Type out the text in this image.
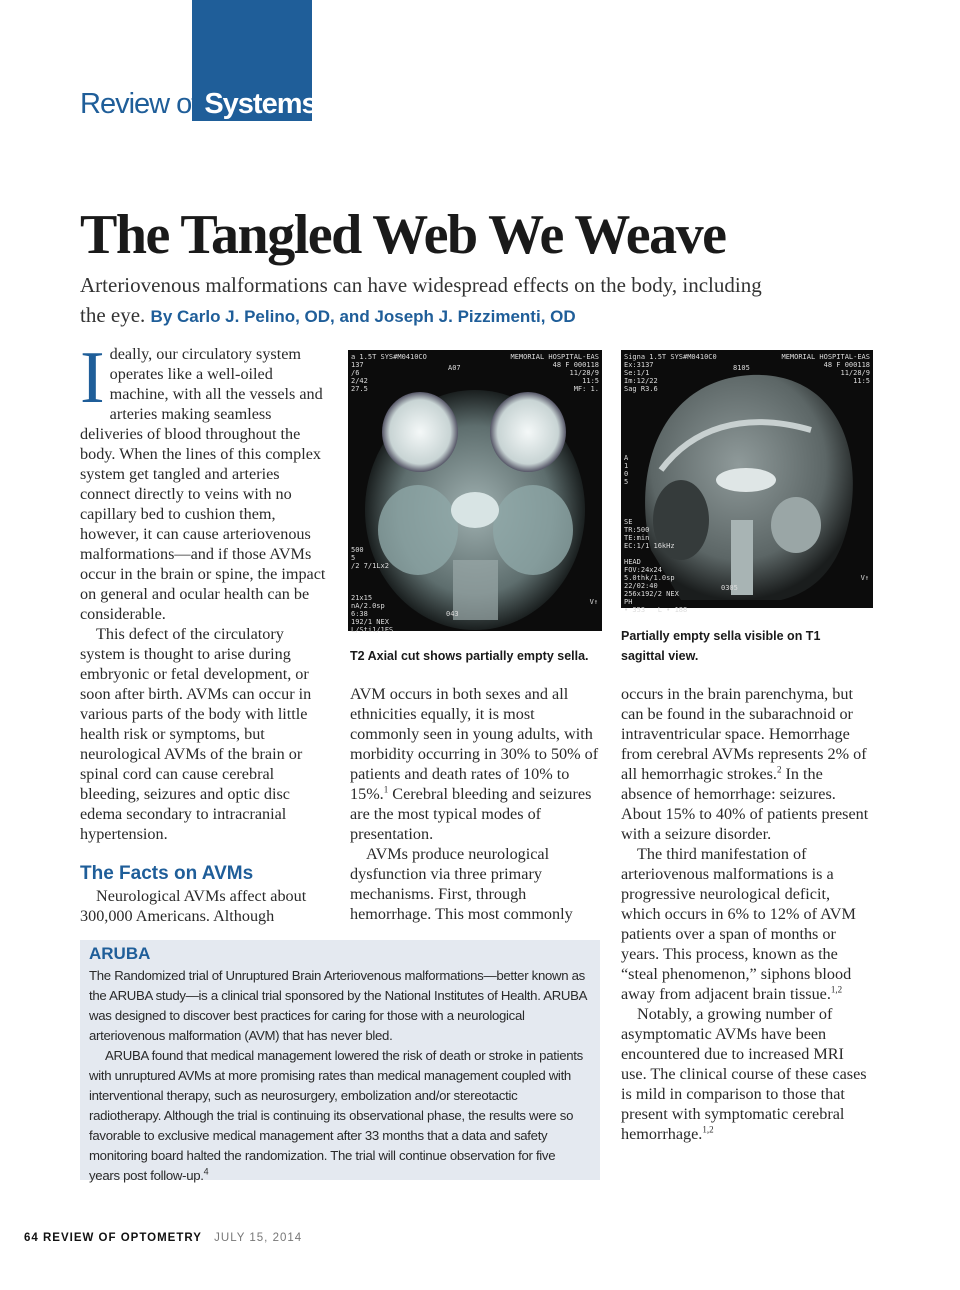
Review of Systems
The Tangled Web We Weave
Arteriovenous malformations can have widespread effects on the body, including the eye. By Carlo J. Pelino, OD, and Joseph J. Pizzimenti, OD

Ideally, our circulatory system operates like a well-oiled machine, with all the vessels and arteries making seamless deliveries of blood throughout the body. When the lines of this complex system get tangled and arteries connect directly to veins with no capillary bed to cushion them, however, it can cause arteriovenous malformations—and if those AVMs occur in the brain or spine, the impact on general and ocular health can be considerable.

This defect of the circulatory system is thought to arise during embryonic or fetal development, or soon after birth. AVMs can occur in various parts of the body with little health risk or symptoms, but neurological AVMs of the brain or spinal cord can cause cerebral bleeding, seizures and optic disc edema secondary to intracranial hypertension.

The Facts on AVMs

Neurological AVMs affect about 300,000 Americans. Although

a 1.5T SYS#M0410CO
137
/6
2/42
27.5
MEMORIAL HOSPITAL-EAS
48 F 000118
11/28/9
11:5
MF: 1.
A07
500
5
/2 7/1Lx2

21x15
nA/2.0sp
6:38
192/1 NEX
L/Sti1/1FS
V↑
043
T2 Axial cut shows partially empty sella.
Signa 1.5T SYS#M0410C0
Ex:3137
Se:1/1
Im:12/22
Sag R3.6
MEMORIAL HOSPITAL-EAS
48 F 000118
11/28/9
11:5
8105
A
1
0
5
SE
TR:500
TE:min
EC:1/1 16kHz

HEAD
FOV:24x24
5.0thk/1.0sp
22/02:40
256x192/2 NEX
PH
• 353   L • 188
V↑
0305
Partially empty sella visible on T1 sagittal view.

AVM occurs in both sexes and all ethnicities equally, it is most commonly seen in young adults, with morbidity occurring in 30% to 50% of patients and death rates of 10% to 15%.$^1$ Cerebral bleeding and seizures are the most typical modes of presentation.

AVMs produce neurological dysfunction via three primary mechanisms. First, through hemorrhage. This most commonly

occurs in the brain parenchyma, but can be found in the subarachnoid or intraventricular space. Hemorrhage from cerebral AVMs represents 2% of all hemorrhagic strokes.$^2$ In the absence of hemorrhage: seizures. About 15% to 40% of patients present with a seizure disorder.

The third manifestation of arteriovenous malformations is a progressive neurological deficit, which occurs in 6% to 12% of AVM patients over a span of months or years. This process, known as the “steal phenomenon,” siphons blood away from adjacent brain tissue.$^{1,2}$

Notably, a growing number of asymptomatic AVMs have been encountered due to increased MRI use. The clinical course of these cases is mild in comparison to those that present with symptomatic cerebral hemorrhage.$^{1,2}$

ARUBA

The Randomized trial of Unruptured Brain Arteriovenous malformations—better known as the ARUBA study—is a clinical trial sponsored by the National Institutes of Health. ARUBA was designed to discover best practices for caring for those with a neurological arteriovenous malformation (AVM) that has never bled.

ARUBA found that medical management lowered the risk of death or stroke in patients with unruptured AVMs at more promising rates than medical management coupled with interventional therapy, such as neurosurgery, embolization and/or stereotactic radiotherapy. Although the trial is continuing its observational phase, the results were so favorable to exclusive medical management after 33 months that a data and safety monitoring board halted the randomization. The trial will continue observation for five years post follow-up.$^4$

64 REVIEW OF OPTOMETRY JULY 15, 2014
